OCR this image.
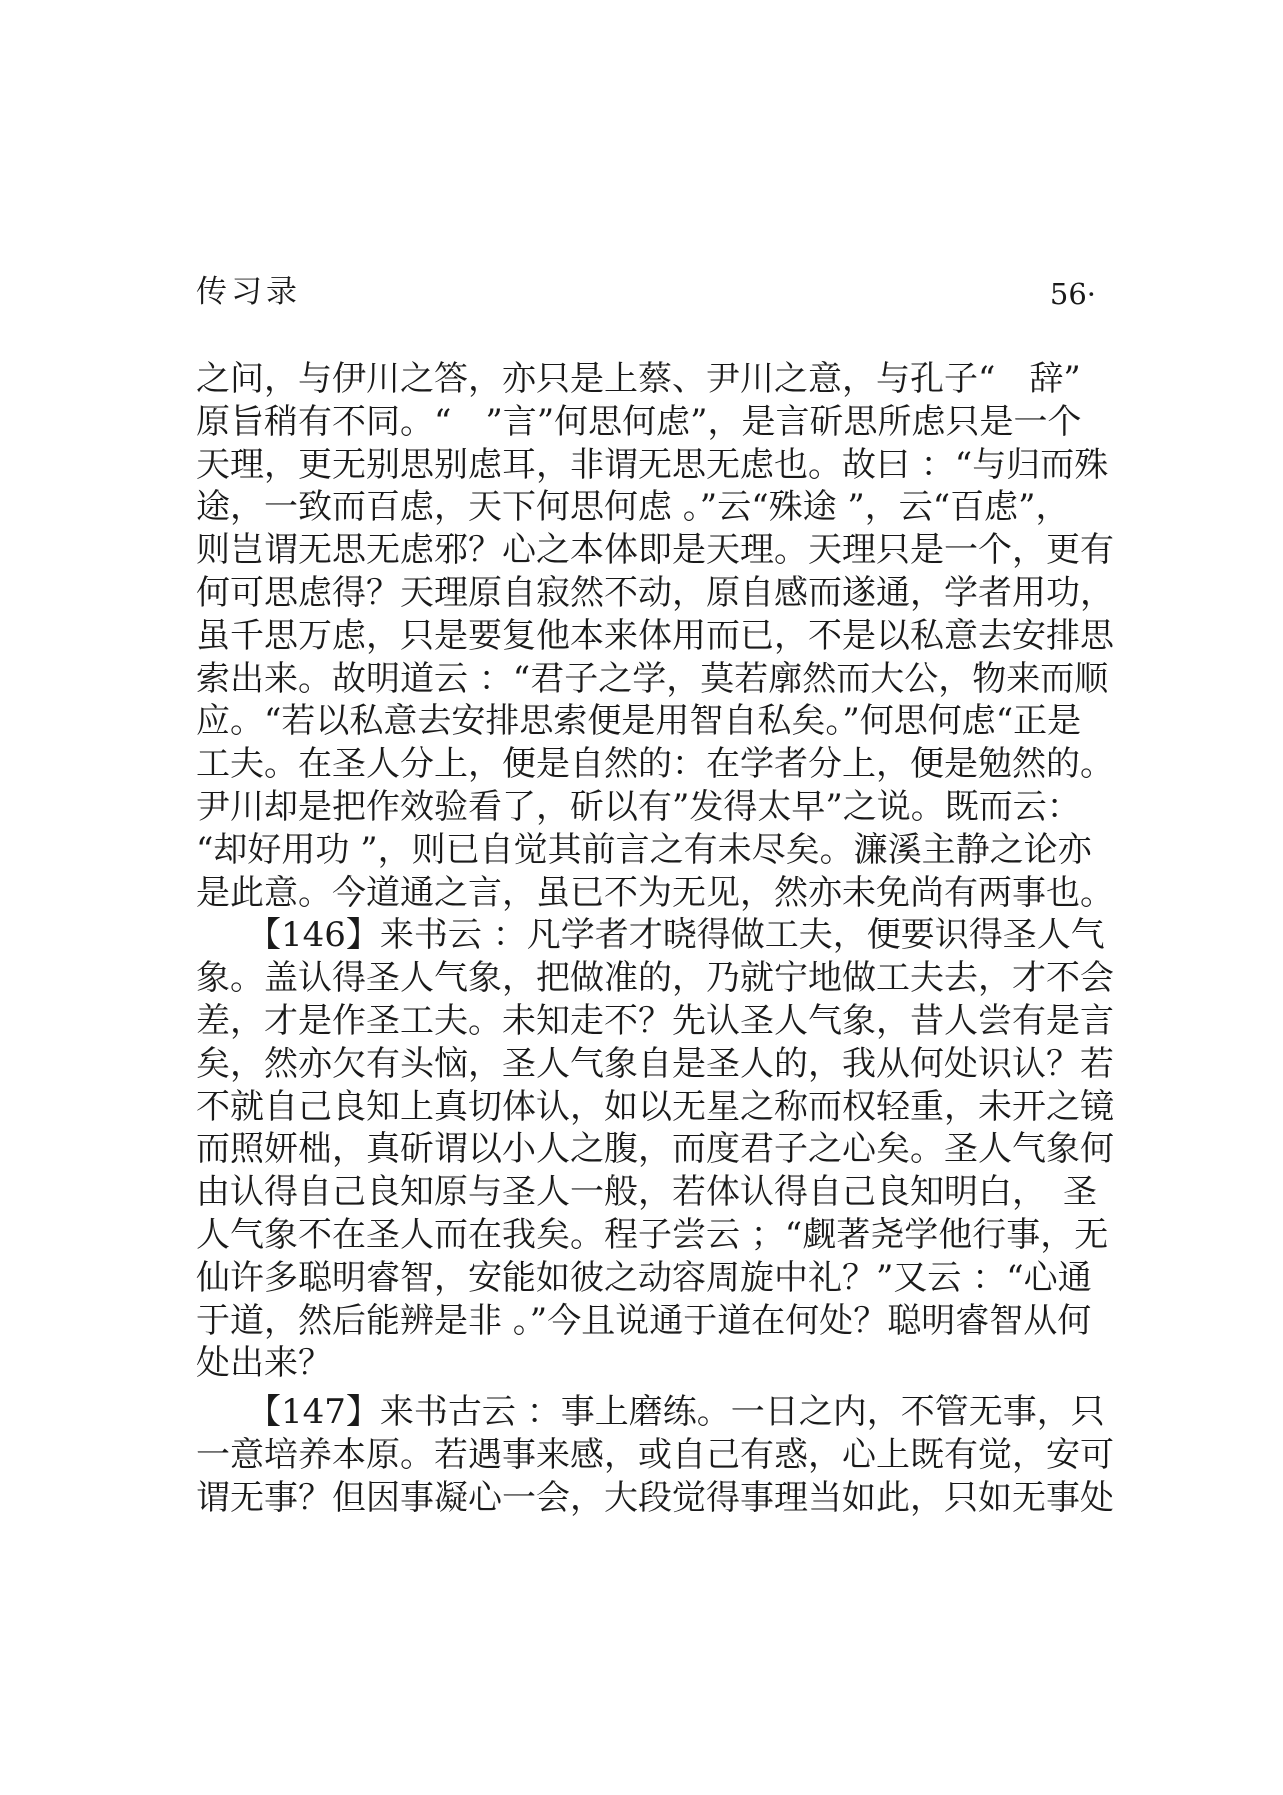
传习录	56·
之问，与伊川之答，亦只是上蔡、尹川之意，与孔子“　辞”
原旨稍有不同。“　”言”何思何虑”，是言斫思所虑只是一个
天理，更无别思别虑耳，非谓无思无虑也。故曰 ：“与归而殊
途，一致而百虑，天下何思何虑 。”云“殊途 ”，云“百虑”，
则岂谓无思无虑邪？心之本体即是天理。天理只是一个，更有
何可思虑得？天理原自寂然不动，原自感而遂通，学者用功，
虽千思万虑，只是要复他本来体用而已，不是以私意去安排思
索出来。故明道云 ：“君子之学，莫若廓然而大公，物来而顺
应。“若以私意去安排思索便是用智自私矣。”何思何虑“正是
工夫。在圣人分上，便是自然的：在学者分上，便是勉然的。
尹川却是把作效验看了，斫以有”发得太早”之说。既而云：
“却好用功 ”，则已自觉其前言之有未尽矣。濂溪主静之论亦
是此意。今道通之言，虽已不为无见，然亦未免尚有两事也。
　　【146】来书云 ：凡学者才晓得做工夫，便要识得圣人气
象。盖认得圣人气象，把做准的，乃就宁地做工夫去，才不会
差，才是作圣工夫。未知走不？先认圣人气象，昔人尝有是言
矣，然亦欠有头恼，圣人气象自是圣人的，我从何处识认？若
不就自己良知上真切体认，如以无星之称而权轻重，未开之镜
而照妍柮，真斫谓以小人之腹，而度君子之心矣。圣人气象何
由认得自己良知原与圣人一般，若体认得自己良知明白，　圣
人气象不在圣人而在我矣。程子尝云 ；“觑著尧学他行事，无
仙许多聪明睿智，安能如彼之动容周旋中礼？”又云 ：“心通
于道，然后能辨是非 。”今且说通于道在何处？聪明睿智从何
处出来？
　　【147】来书古云 ：事上磨练。一日之内，不管无事，只
一意培养本原。若遇事来感，或自己有惑，心上既有觉，安可
谓无事？但因事凝心一会，大段觉得事理当如此，只如无事处
